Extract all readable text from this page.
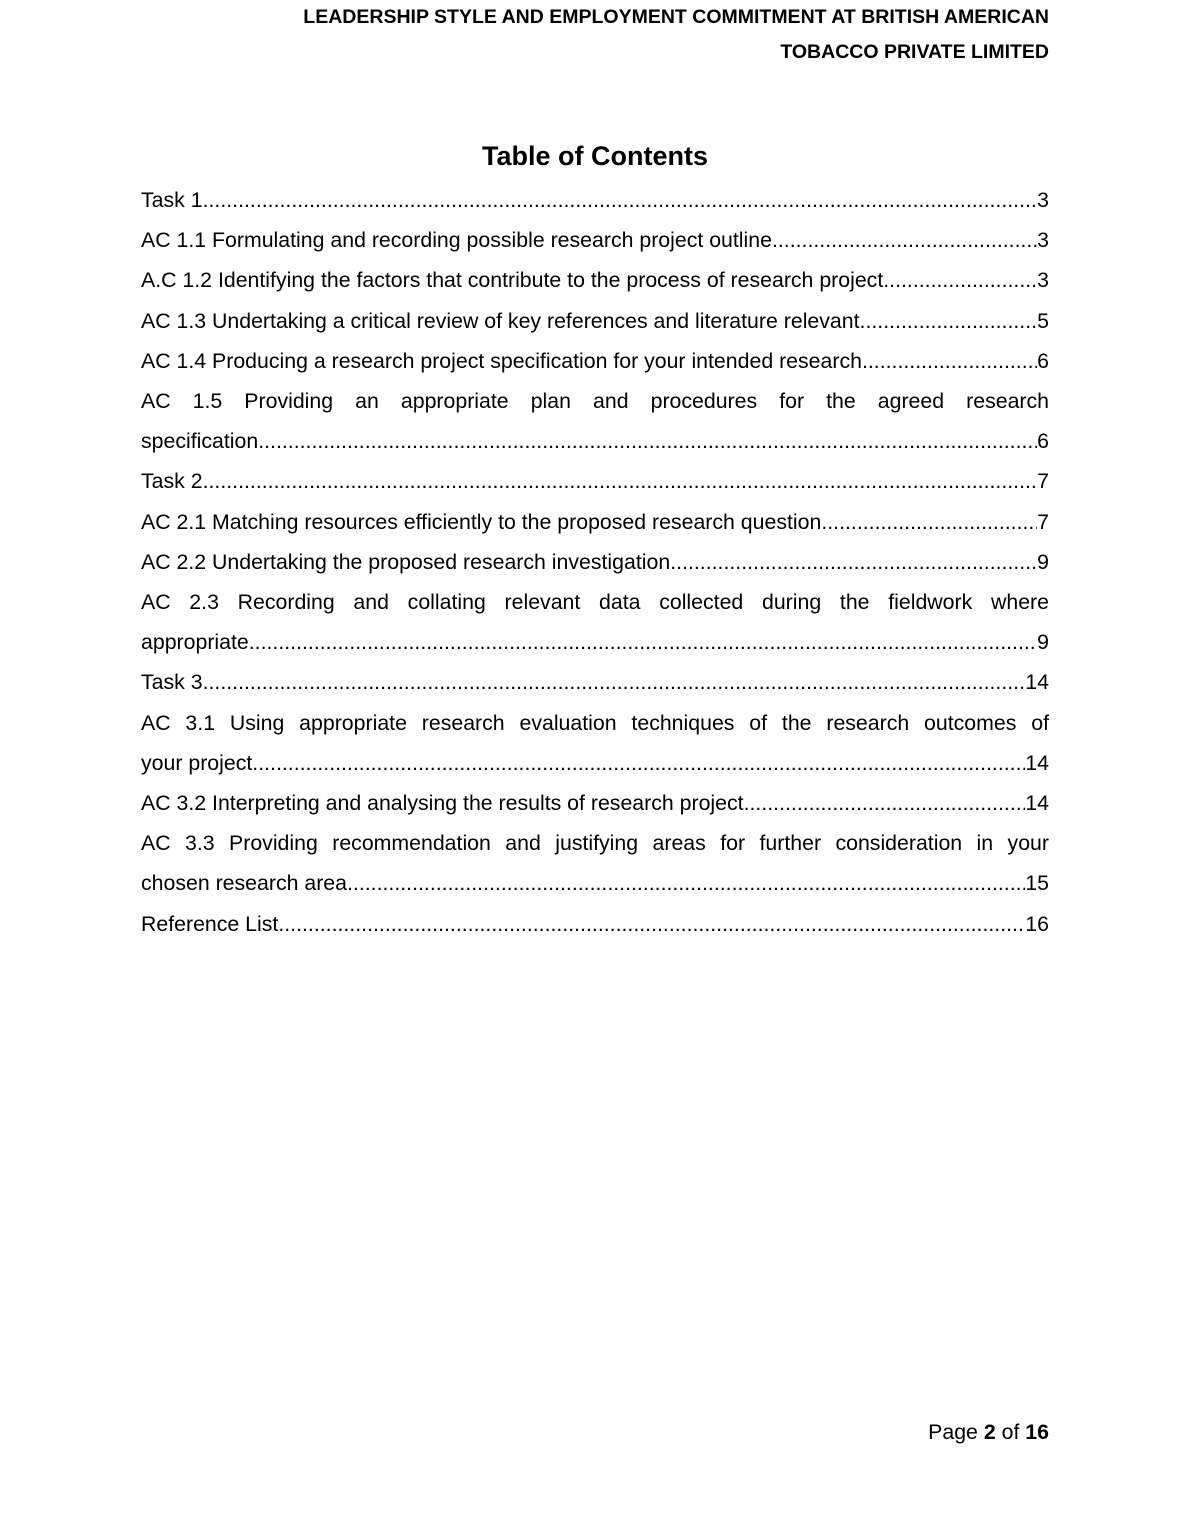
LEADERSHIP STYLE AND EMPLOYMENT COMMITMENT AT BRITISH AMERICAN
TOBACCO PRIVATE LIMITED
Table of Contents
Task 1 .....	3
AC 1.1 Formulating and recording possible research project outline .....	3
A.C 1.2 Identifying the factors that contribute to the process of research project .....	3
AC 1.3 Undertaking a critical review of key references and literature relevant .....	5
AC 1.4 Producing a research project specification for your intended research .....	6
AC 1.5 Providing an appropriate plan and procedures for the agreed research
specification .....	6
Task 2 .....	7
AC 2.1 Matching resources efficiently to the proposed research question .....	7
AC 2.2 Undertaking the proposed research investigation .....	9
AC 2.3 Recording and collating relevant data collected during the fieldwork where
appropriate .....	9
Task 3 .....	14
AC 3.1 Using appropriate research evaluation techniques of the research outcomes of
your project .....	14
AC 3.2 Interpreting and analysing the results of research project .....	14
AC 3.3 Providing recommendation and justifying areas for further consideration in your
chosen research area .....	15
Reference List .....	16
Page 2 of 16
